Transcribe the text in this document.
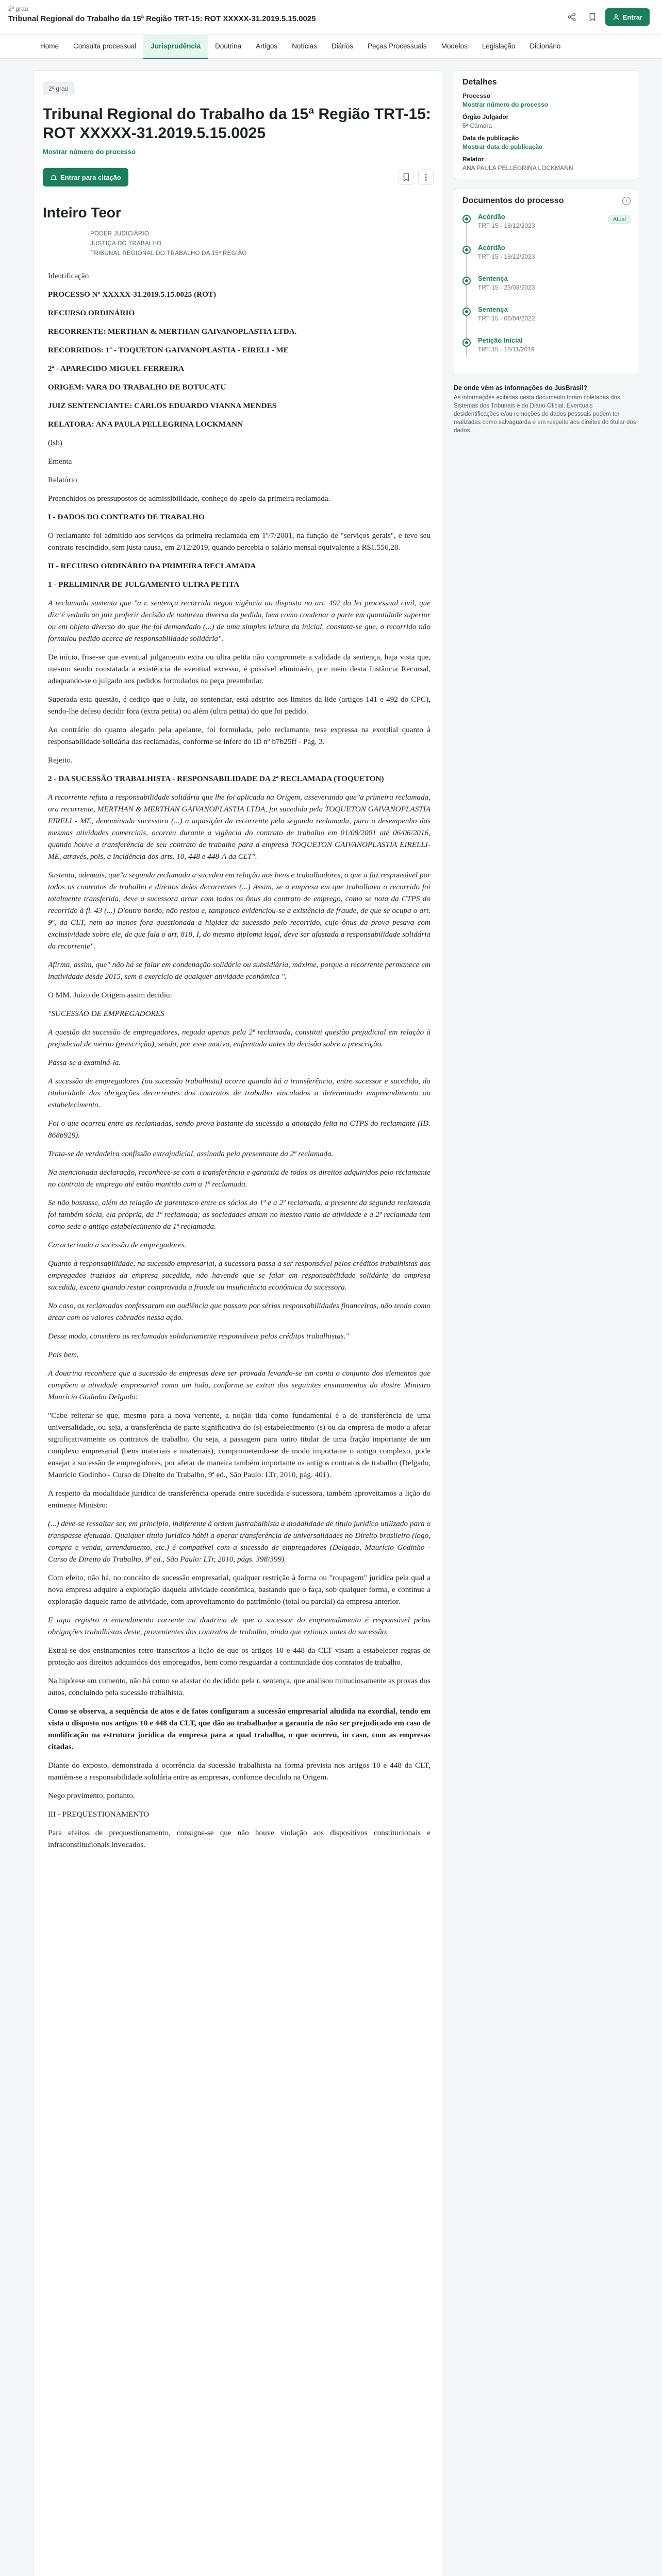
2º grau
Tribunal Regional do Trabalho da 15ª Região TRT-15: ROT XXXXX-31.2019.5.15.0025	Entrar
Home	Consulta processual	Jurisprudência	Doutrina	Artigos	Notícias	Diários	Peças Processuais	Modelos	Legislação	Dicionário
2º grau
Tribunal Regional do Trabalho da 15ª Região TRT-15: ROT XXXXX-31.2019.5.15.0025
Mostrar número do processo
Entrar para citação
Inteiro Teor
PODER JUDICIÁRIO
JUSTIÇA DO TRABALHO
TRIBUNAL REGIONAL DO TRABALHO DA 15ª REGIÃO

Identificação

PROCESSO Nº XXXXX-31.2019.5.15.0025 (ROT)

RECURSO ORDINÁRIO

RECORRENTE: MERTHAN & MERTHAN GAIVANOPLASTIA LTDA.

RECORRIDOS: 1ª - TOQUETON GAIVANOPLASTIA - EIRELI - ME

2ª - APARECIDO MIGUEL FERREIRA

ORIGEM: VARA DO TRABALHO DE BOTUCATU

JUIZ SENTENCIANTE: CARLOS EDUARDO VIANNA MENDES

RELATORA: ANA PAULA PELLEGRINA LOCKMANN

(lsb)

Ementa

Relatório

Preenchidos os pressupostos de admissibilidade, conheço do apelo da primeira reclamada.

I - DADOS DO CONTRATO DE TRABALHO

O reclamante foi admitido aos serviços da primeira reclamada em 1º/7/2001, na função de "serviços gerais", e teve seu contrato rescindido, sem justa causa, em 2/12/2019, quando percebia o salário mensal equivalente a R$1.556,28.

II - RECURSO ORDINÁRIO DA PRIMEIRA RECLAMADA

1 - PRELIMINAR DE JULGAMENTO ULTRA PETITA

A reclamada sustenta que "a r. sentença recorrida negou vigência ao disposto no art. 492 do lei processual civil, que diz:'é vedado ao juiz proferir decisão de natureza diversa da pedida, bem como condenar a parte em quantidade superior ou em objeto diverso do que lhe foi demandado (...) de uma simples leitura da inicial, constata-se que, o recorrido não formulou pedido acerca de responsabilidade solidária".

De início, frise-se que eventual julgamento extra ou ultra petita não compromete a validade da sentença, haja vista que, mesmo sendo constatada a existência de eventual excesso, é possível eliminá-lo, por meio desta Instância Recursal, adequando-se o julgado aos pedidos formulados na peça preambular.

Superada esta questão, é cediço que o Juiz, ao sentenciar, está adstrito aos limites da lide (artigos 141 e 492 do CPC), sendo-lhe defeso decidir fora (extra petita) ou além (ultra petita) do que foi pedido.

Ao contrário do quanto alegado pela apelante, foi formulada, pelo reclamante, tese expressa na exordial quanto à responsabilidade solidária das reclamadas, conforme se infere do ID nº b7b25ff - Pág. 3.

Rejeito.

2 - DA SUCESSÃO TRABALHISTA - RESPONSABILIDADE DA 2ª RECLAMADA (TOQUETON)

A recorrente refuta a responsabilidade solidária que lhe foi aplicada na Origem, asseverando que"a primeira reclamada, ora recorrente, MERTHAN & MERTHAN GAIVANOPLASTIA LTDA, foi sucedida pela TOQUETON GAIVANOPLASTIA EIRELI - ME, denominada sucessora (...) a aquisição da recorrente pela segunda reclamada, para o desempenho das mesmas atividades comerciais, ocorreu durante a vigência do contrato de trabalho em 01/08/2001 até 06/06/2016, quando houve a transferência de seu contrato de trabalho para a empresa TOQUETON GAIVANOPLASTIA EIRELLI-ME, através, pois, a incidência dos arts. 10, 448 e 448-A da CLT".

Sustenta, ademais, que"a segunda reclamada a sucedeu em relação aos bens e trabalhadores, o que a faz responsável por todos os contratos de trabalho e direitos deles decorrentes (...) Assim, se a empresa em que trabalhava o recorrido foi totalmente transferida, deve a sucessora arcar com todos os ônus do contrato de emprego, como se nota da CTPS do recorrido à fl. 43 (...) D'outro bordo, não restou e, tampouco evidenciou-se a existência de fraude, de que se ocupa o art. 9º, da CLT, nem ao menos fora questionada a higidez da sucessão pelo recorrido, cujo ônus da prova pesava com exclusividade sobre ele, de que fala o art. 818, I, do mesmo diploma legal, deve ser afastada a responsabilidade solidária da recorrente".

Afirma, assim, que" não há se falar em condenação solidária ou subsidiária, máxime, porque a recorrente permanece em inatividade desde 2015, sem o exercício de qualquer atividade econômica ".

O MM. Juízo de Origem assim decidiu:

"SUCESSÃO DE EMPREGADORES

A questão da sucessão de empregadores, negada apenas pela 2ª reclamada, constitui questão prejudicial em relação à prejudicial de mérito (prescrição), sendo, por esse motivo, enfrentada antes da decisão sobre a prescrição.

Passa-se a examiná-la.

A sucessão de empregadores (ou sucessão trabalhista) ocorre quando há a transferência, entre sucessor e sucedido, da titularidade das obrigações decorrentes dos contratos de trabalho vinculados a determinado empreendimento ou estabelecimento.

Foi o que ocorreu entre as reclamadas, sendo prova bastante da sucessão a anotação feita na CTPS do reclamante (ID. 868b929).

Trata-se de verdadeira confissão extrajudicial, assinada pela presentante da 2ª reclamada.

Na mencionada declaração, reconhece-se com a transferência e garantia de todos os direitos adquiridos pelo reclamante no contrato de emprego até então mantido com a 1ª reclamada.

Se não bastasse, além da relação de parentesco entre os sócios da 1ª e a 2ª reclamada, a presente da segunda reclamada foi também sócia, ela própria, da 1ª reclamada; as sociedades atuam no mesmo ramo de atividade e a 2ª reclamada tem como sede o antigo estabelecimento da 1ª reclamada.

Caracterizada a sucessão de empregadores.

Quanto à responsabilidade, na sucessão empresarial, a sucessora passa a ser responsável pelos créditos trabalhistas dos empregados trazidos da empresa sucedida, não havendo que se falar em responsabilidade solidária da empresa sucedida, exceto quando restar comprovada a fraude ou insuficiência econômica da sucessora.

No caso, as reclamadas confessaram em audiência que passam por sérios responsabilidades financeiras, não tendo como arcar com os valores cobrados nessa ação.

Desse modo, considero as reclamadas solidariamente responsáveis pelos créditos trabalhistas."

Pois bem.

A doutrina reconhece que a sucessão de empresas deve ser provada levando-se em conta o conjunto dos elementos que compõem a atividade empresarial como um todo, conforme se extrai dos seguintes ensinamentos do ilustre Ministro Maurício Godinho Delgado:

"Cabe reiterar-se que, mesmo para a nova vertente, a noção tida como fundamental é a de transferência de uma universalidade, ou seja, a transferência de parte significativa do (s) estabelecimento (s) ou da empresa de modo a afetar significativamente os contratos de trabalho. Ou seja, a passagem para outro titular de uma fração importante de um complexo empresarial (bens materiais e imateriais), comprometendo-se de modo importante o antigo complexo, pode ensejar a sucessão de empregadores, por afetar de maneira também importante os antigos contratos de trabalho (Delgado, Maurício Godinho - Curso de Direito do Trabalho, 9ª ed., São Paulo: LTr, 2010, pág. 401).

A respeito da modalidade jurídica de transferência operada entre sucedida e sucessora, também aproveitamos a lição do eminente Ministro:

(...) deve-se ressaltar ser, em princípio, indiferente à ordem justrabalhista a modalidade de título jurídico utilizado para o transpasse efetuado. Qualquer título jurídico hábil a operar transferência de universalidades no Direito brasileiro (logo, compra e venda, arrendamento, etc.) é compatível com a sucessão de empregadores (Delgado, Maurício Godinho - Curso de Direito do Trabalho, 9ª ed., São Paulo: LTr, 2010, págs. 398/399).

Com efeito, não há, no conceito de sucessão empresarial, qualquer restrição à forma ou "roupagem" jurídica pela qual a nova empresa adquire a exploração daquela atividade econômica, bastando que o faça, sob qualquer forma, e continue a exploração daquele ramo de atividade, com aproveitamento do patrimônio (total ou parcial) da empresa anterior.

E aqui registro o entendimento corrente na doutrina de que o sucessor do empreendimento é responsável pelas obrigações trabalhistas deste, provenientes dos contratos de trabalho, ainda que extintos antes da sucessão.

Extrai-se dos ensinamentos retro transcritos a lição de que os artigos 10 e 448 da CLT visam a estabelecer regras de proteção aos direitos adquiridos dos empregados, bem como resguardar a continuidade dos contratos de trabalho.

Na hipótese em comento, não há como se afastar do decidido pela r. sentença, que analisou minuciosamente as provas dos autos, concluindo pela sucessão trabalhista.

Como se observa, a sequência de atos e de fatos configuram a sucessão empresarial aludida na exordial, tendo em vista o disposto nos artigos 10 e 448 da CLT, que dão ao trabalhador a garantia de não ser prejudicado em caso de modificação na estrutura jurídica da empresa para a qual trabalha, o que ocorreu, in casu, com as empresas citadas.

Diante do exposto, demonstrada a ocorrência da sucessão trabalhista na forma prevista nos artigos 10 e 448 da CLT, mantém-se a responsabilidade solidária entre as empresas, conforme decidido na Origem.

Nego provimento, portanto.

III - PREQUESTIONAMENTO

Para efeitos de prequestionamento, consigne-se que não houve violação aos dispositivos constitucionais e infraconstitucionais invocados.

Detalhes
Processo
Mostrar número do processo
Órgão Julgador
5ª Câmara
Data de publicação
Mostrar data de publicação
Relator
ANA PAULA PELLEGRINA LOCKMANN
Documentos do processo	i
Acórdão
TRT-15 - 18/12/2023
Atual
Acórdão
TRT-15 - 18/12/2023
Sentença
TRT-15 - 23/08/2023
Sentença
TRT-15 - 06/04/2022
Petição Inicial
TRT-15 - 18/11/2019
De onde vêm as informações do JusBrasil?

As informações exibidas nesta documento foram coletadas dos Sistemas dos Tribunais e do Diário Oficial. Eventuais desidentificações e/ou remoções de dados pessoais podem ter realizadas como salvaguarda e em respeito aos direitos do titular dos dados.
